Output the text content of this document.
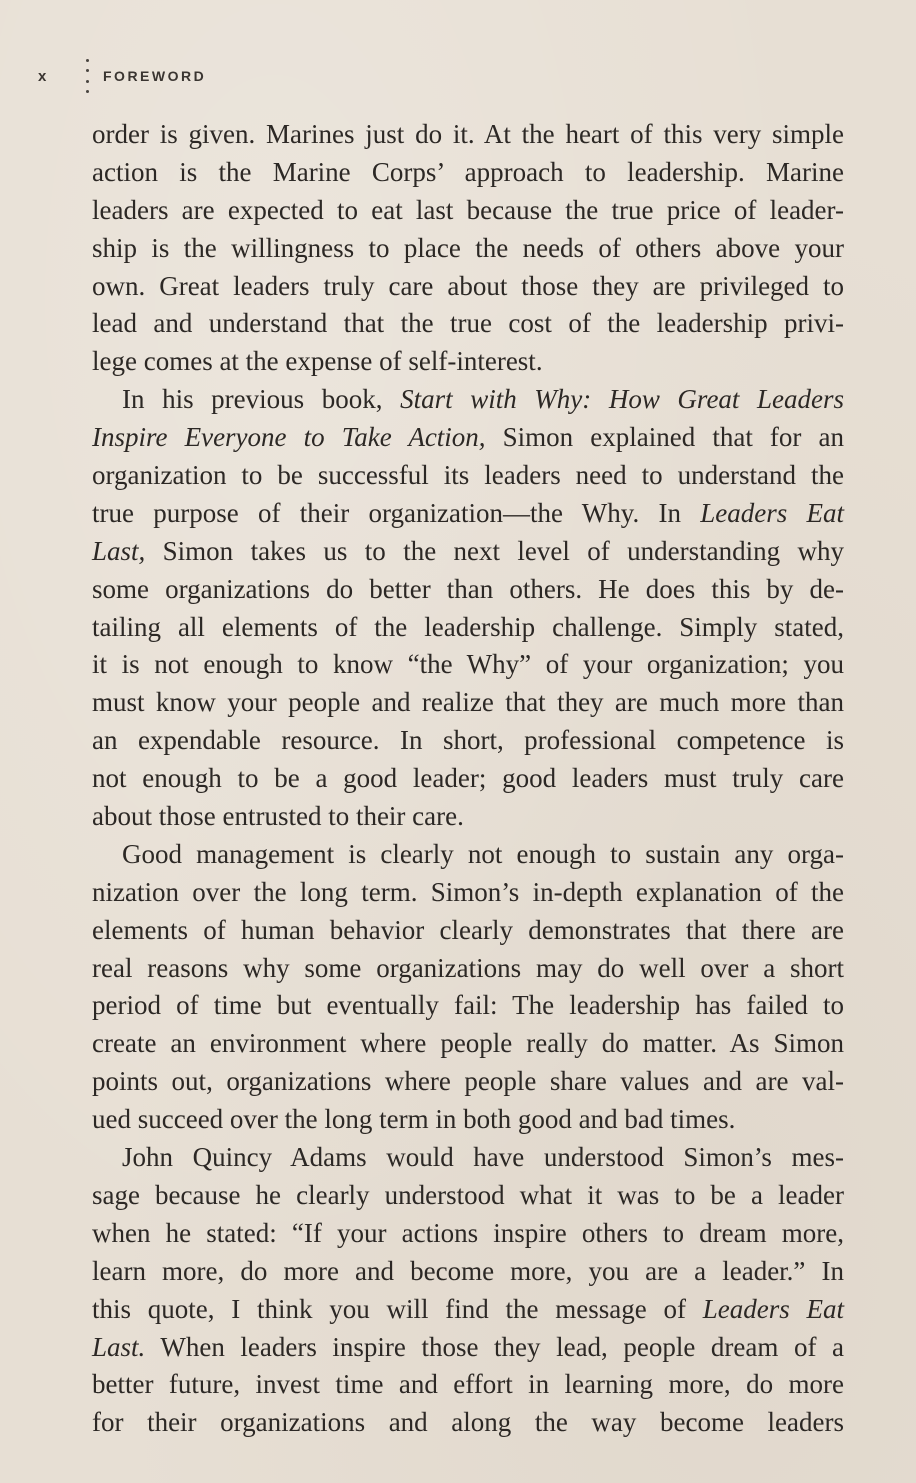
x	FOREWORD
order is given. Marines just do it. At the heart of this very simple
action is the Marine Corps’ approach to leadership. Marine
leaders are expected to eat last because the true price of leader-
ship is the willingness to place the needs of others above your
own. Great leaders truly care about those they are privileged to
lead and understand that the true cost of the leadership privi-
lege comes at the expense of self-interest.
In his previous book, Start with Why: How Great Leaders
Inspire Everyone to Take Action, Simon explained that for an
organization to be successful its leaders need to understand the
true purpose of their organization—the Why. In Leaders Eat
Last, Simon takes us to the next level of understanding why
some organizations do better than others. He does this by de-
tailing all elements of the leadership challenge. Simply stated,
it is not enough to know “the Why” of your organization; you
must know your people and realize that they are much more than
an expendable resource. In short, professional competence is
not enough to be a good leader; good leaders must truly care
about those entrusted to their care.
Good management is clearly not enough to sustain any orga-
nization over the long term. Simon’s in-depth explanation of the
elements of human behavior clearly demonstrates that there are
real reasons why some organizations may do well over a short
period of time but eventually fail: The leadership has failed to
create an environment where people really do matter. As Simon
points out, organizations where people share values and are val-
ued succeed over the long term in both good and bad times.
John Quincy Adams would have understood Simon’s mes-
sage because he clearly understood what it was to be a leader
when he stated: “If your actions inspire others to dream more,
learn more, do more and become more, you are a leader.” In
this quote, I think you will find the message of Leaders Eat
Last. When leaders inspire those they lead, people dream of a
better future, invest time and effort in learning more, do more
for their organizations and along the way become leaders
